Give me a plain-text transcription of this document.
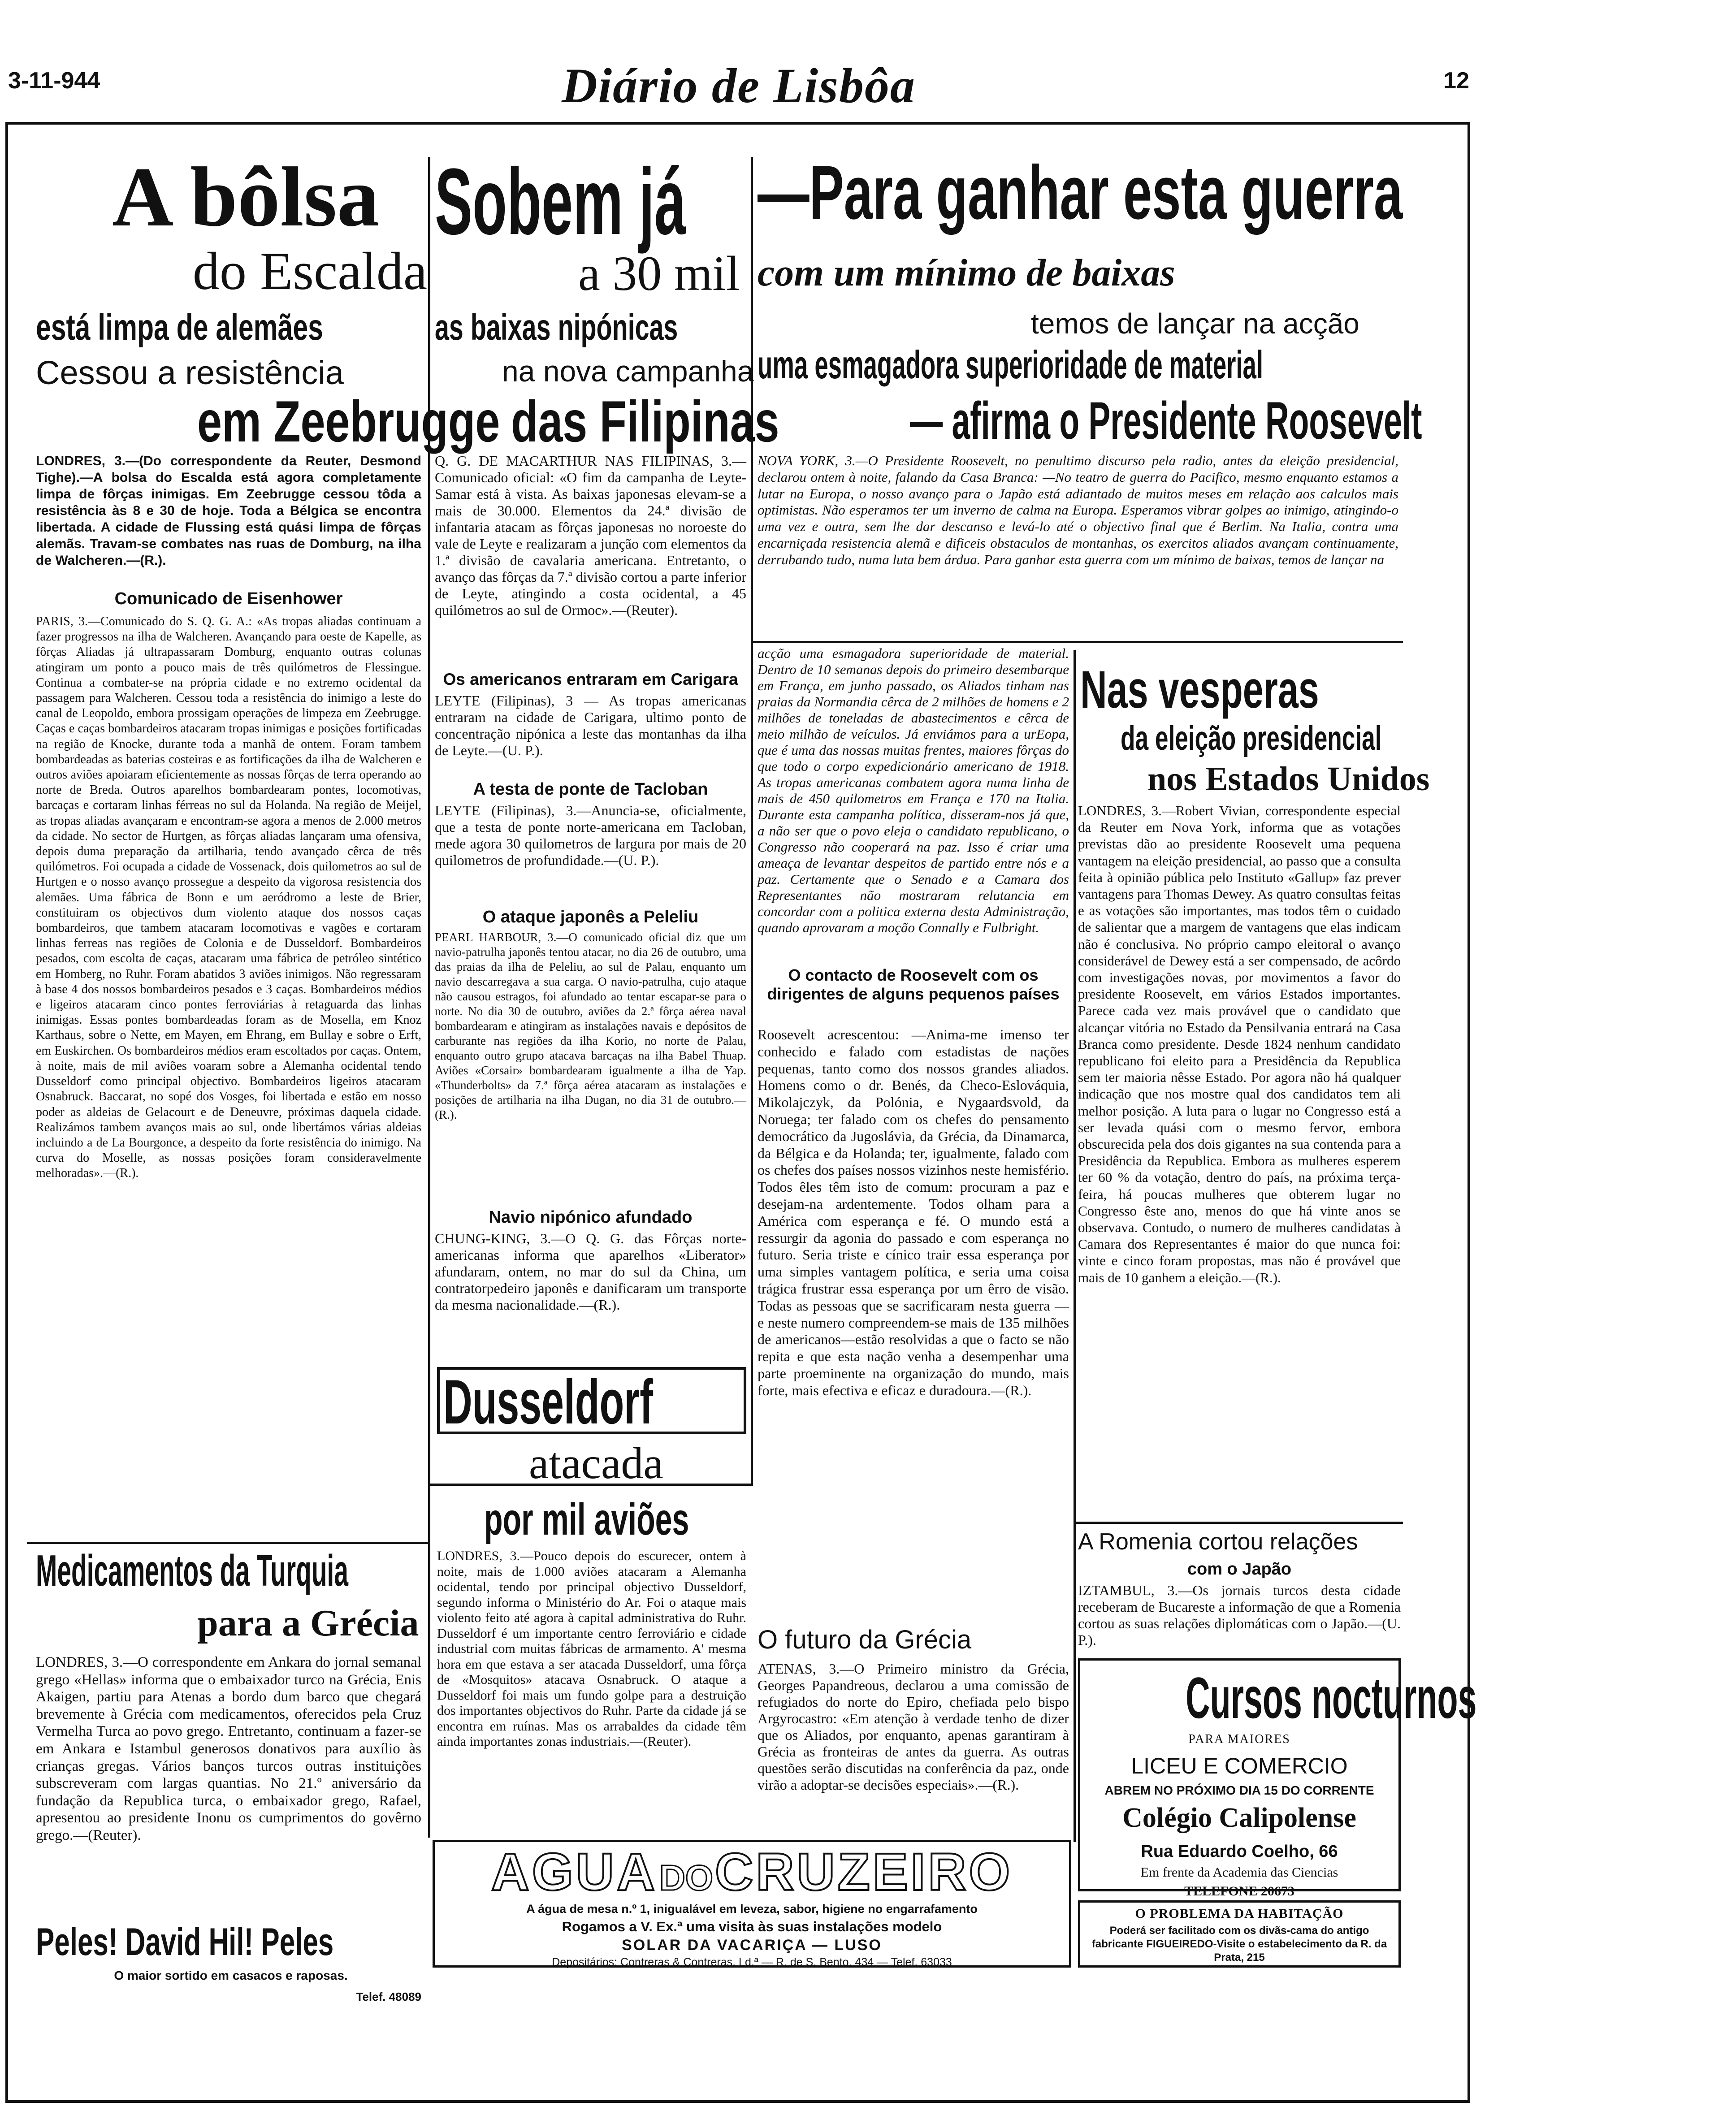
3-11-944	Diário de Lisbôa	12
A bôlsa
do Escalda
está limpa de alemães
Cessou a resistência
em Zeebrugge
LONDRES, 3.—(Do correspondente da Reuter, Desmond Tighe).—A bolsa do Escalda está agora completamente limpa de fôrças inimigas. Em Zeebrugge cessou tôda a resistência às 8 e 30 de hoje. Toda a Bélgica se encontra libertada. A cidade de Flussing está quási limpa de fôrças alemãs. Travam-se combates nas ruas de Domburg, na ilha de Walcheren.—(R.).
Comunicado de Eisenhower
PARIS, 3.—Comunicado do S. Q. G. A.: «As tropas aliadas continuam a fazer progressos na ilha de Walcheren. Avançando para oeste de Kapelle, as fôrças Aliadas já ultrapassaram Domburg, enquanto outras colunas atingiram um ponto a pouco mais de três quilómetros de Flessingue. Continua a combater-se na própria cidade e no extremo ocidental da passagem para Walcheren. Cessou toda a resistência do inimigo a leste do canal de Leopoldo, embora prossigam operações de limpeza em Zeebrugge. Caças e caças bombardeiros atacaram tropas inimigas e posições fortificadas na região de Knocke, durante toda a manhã de ontem. Foram tambem bombardeadas as baterias costeiras e as fortificações da ilha de Walcheren e outros aviões apoiaram eficientemente as nossas fôrças de terra operando ao norte de Breda. Outros aparelhos bombardearam pontes, locomotivas, barcaças e cortaram linhas férreas no sul da Holanda. Na região de Meijel, as tropas aliadas avançaram e encontram-se agora a menos de 2.000 metros da cidade. No sector de Hurtgen, as fôrças aliadas lançaram uma ofensiva, depois duma preparação da artilharia, tendo avançado cêrca de três quilómetros. Foi ocupada a cidade de Vossenack, dois quilometros ao sul de Hurtgen e o nosso avanço prossegue a despeito da vigorosa resistencia dos alemães. Uma fábrica de Bonn e um aeródromo a leste de Brier, constituiram os objectivos dum violento ataque dos nossos caças bombardeiros, que tambem atacaram locomotivas e vagões e cortaram linhas ferreas nas regiões de Colonia e de Dusseldorf. Bombardeiros pesados, com escolta de caças, atacaram uma fábrica de petróleo sintético em Homberg, no Ruhr. Foram abatidos 3 aviões inimigos. Não regressaram à base 4 dos nossos bombardeiros pesados e 3 caças. Bombardeiros médios e ligeiros atacaram cinco pontes ferroviárias à retaguarda das linhas inimigas. Essas pontes bombardeadas foram as de Mosella, em Knoz Karthaus, sobre o Nette, em Mayen, em Ehrang, em Bullay e sobre o Erft, em Euskirchen. Os bombardeiros médios eram escoltados por caças. Ontem, à noite, mais de mil aviões voaram sobre a Alemanha ocidental tendo Dusseldorf como principal objectivo. Bombardeiros ligeiros atacaram Osnabruck. Baccarat, no sopé dos Vosges, foi libertada e estão em nosso poder as aldeias de Gelacourt e de Deneuvre, próximas daquela cidade. Realizámos tambem avanços mais ao sul, onde libertámos várias aldeias incluindo a de La Bourgonce, a despeito da forte resistência do inimigo. Na curva do Moselle, as nossas posições foram consideravelmente melhoradas».—(R.).
Medicamentos da Turquia
para a Grécia
LONDRES, 3.—O correspondente em Ankara do jornal semanal grego «Hellas» informa que o embaixador turco na Grécia, Enis Akaigen, partiu para Atenas a bordo dum barco que chegará brevemente à Grécia com medicamentos, oferecidos pela Cruz Vermelha Turca ao povo grego. Entretanto, continuam a fazer-se em Ankara e Istambul generosos donativos para auxílio às crianças gregas. Vários banços turcos outras instituições subscreveram com largas quantias. No 21.º aniversário da fundação da Republica turca, o embaixador grego, Rafael, apresentou ao presidente Inonu os cumprimentos do govêrno grego.—(Reuter).
Peles! David Hil! Peles
O maior sortido em casacos e raposas.
Telef. 48089
Sobem já
a 30 mil
as baixas nipónicas
na nova campanha
das Filipinas
Q. G. DE MACARTHUR NAS FILIPINAS, 3.—Comunicado oficial: «O fim da campanha de Leyte-Samar está à vista. As baixas japonesas elevam-se a mais de 30.000. Elementos da 24.ª divisão de infantaria atacam as fôrças japonesas no noroeste do vale de Leyte e realizaram a junção com elementos da 1.ª divisão de cavalaria americana. Entretanto, o avanço das fôrças da 7.ª divisão cortou a parte inferior de Leyte, atingindo a costa ocidental, a 45 quilómetros ao sul de Ormoc».—(Reuter).
Os americanos entraram em Carigara
LEYTE (Filipinas), 3 — As tropas americanas entraram na cidade de Carigara, ultimo ponto de concentração nipónica a leste das montanhas da ilha de Leyte.—(U. P.).
A testa de ponte de Tacloban
LEYTE (Filipinas), 3.—Anuncia-se, oficialmente, que a testa de ponte norte-americana em Tacloban, mede agora 30 quilometros de largura por mais de 20 quilometros de profundidade.—(U. P.).
O ataque japonês a Peleliu
PEARL HARBOUR, 3.—O comunicado oficial diz que um navio-patrulha japonês tentou atacar, no dia 26 de outubro, uma das praias da ilha de Peleliu, ao sul de Palau, enquanto um navio descarregava a sua carga. O navio-patrulha, cujo ataque não causou estragos, foi afundado ao tentar escapar-se para o norte. No dia 30 de outubro, aviões da 2.ª fôrça aérea naval bombardearam e atingiram as instalações navais e depósitos de carburante nas regiões da ilha Korio, no norte de Palau, enquanto outro grupo atacava barcaças na ilha Babel Thuap. Aviões «Corsair» bombardearam igualmente a ilha de Yap. «Thunderbolts» da 7.ª fôrça aérea atacaram as instalações e posições de artilharia na ilha Dugan, no dia 31 de outubro.—(R.).
Navio nipónico afundado
CHUNG-KING, 3.—O Q. G. das Fôrças norte-americanas informa que aparelhos «Liberator» afundaram, ontem, no mar do sul da China, um contratorpedeiro japonês e danificaram um transporte da mesma nacionalidade.—(R.).
Dusseldorf
atacada
por mil aviões
LONDRES, 3.—Pouco depois do escurecer, ontem à noite, mais de 1.000 aviões atacaram a Alemanha ocidental, tendo por principal objectivo Dusseldorf, segundo informa o Ministério do Ar. Foi o ataque mais violento feito até agora à capital administrativa do Ruhr. Dusseldorf é um importante centro ferroviário e cidade industrial com muitas fábricas de armamento. A' mesma hora em que estava a ser atacada Dusseldorf, uma fôrça de «Mosquitos» atacava Osnabruck. O ataque a Dusseldorf foi mais um fundo golpe para a destruição dos importantes objectivos do Ruhr. Parte da cidade já se encontra em ruínas. Mas os arrabaldes da cidade têm ainda importantes zonas industriais.—(Reuter).
—Para ganhar esta guerra
com um mínimo de baixas
temos de lançar na acção
uma esmagadora superioridade de material
— afirma o Presidente Roosevelt
NOVA YORK, 3.—O Presidente Roosevelt, no penultimo discurso pela radio, antes da eleição presidencial, declarou ontem à noite, falando da Casa Branca: —No teatro de guerra do Pacifico, mesmo enquanto estamos a lutar na Europa, o nosso avanço para o Japão está adiantado de muitos meses em relação aos calculos mais optimistas. Não esperamos ter um inverno de calma na Europa. Esperamos vibrar golpes ao inimigo, atingindo-o uma vez e outra, sem lhe dar descanso e levá-lo até o objectivo final que é Berlim. Na Italia, contra uma encarniçada resistencia alemã e dificeis obstaculos de montanhas, os exercitos aliados avançam continuamente, derrubando tudo, numa luta bem árdua. Para ganhar esta guerra com um mínimo de baixas, temos de lançar na
acção uma esmagadora superioridade de material. Dentro de 10 semanas depois do primeiro desembarque em França, em junho passado, os Aliados tinham nas praias da Normandia cêrca de 2 milhões de homens e 2 milhões de toneladas de abastecimentos e cêrca de meio milhão de veículos. Já enviámos para a urEopa, que é uma das nossas muitas frentes, maiores fôrças do que todo o corpo expedicionário americano de 1918. As tropas americanas combatem agora numa linha de mais de 450 quilometros em França e 170 na Italia. Durante esta campanha política, disseram-nos já que, a não ser que o povo eleja o candidato republicano, o Congresso não cooperará na paz. Isso é criar uma ameaça de levantar despeitos de partido entre nós e a paz. Certamente que o Senado e a Camara dos Representantes não mostraram relutancia em concordar com a politica externa desta Administração, quando aprovaram a moção Connally e Fulbright.
O contacto de Roosevelt com os dirigentes de alguns pequenos países
Roosevelt acrescentou: —Anima-me imenso ter conhecido e falado com estadistas de nações pequenas, tanto como dos nossos grandes aliados. Homens como o dr. Benés, da Checo-Eslováquia, Mikolajczyk, da Polónia, e Nygaardsvold, da Noruega; ter falado com os chefes do pensamento democrático da Jugoslávia, da Grécia, da Dinamarca, da Bélgica e da Holanda; ter, igualmente, falado com os chefes dos países nossos vizinhos neste hemisfério. Todos êles têm isto de comum: procuram a paz e desejam-na ardentemente. Todos olham para a América com esperança e fé. O mundo está a ressurgir da agonia do passado e com esperança no futuro. Seria triste e cínico trair essa esperança por uma simples vantagem política, e seria uma coisa trágica frustrar essa esperança por um êrro de visão. Todas as pessoas que se sacrificaram nesta guerra — e neste numero compreendem-se mais de 135 milhões de americanos—estão resolvidas a que o facto se não repita e que esta nação venha a desempenhar uma parte proeminente na organização do mundo, mais forte, mais efectiva e eficaz e duradoura.—(R.).
O futuro da Grécia
ATENAS, 3.—O Primeiro ministro da Grécia, Georges Papandreous, declarou a uma comissão de refugiados do norte do Epiro, chefiada pelo bispo Argyrocastro: «Em atenção à verdade tenho de dizer que os Aliados, por enquanto, apenas garantiram à Grécia as fronteiras de antes da guerra. As outras questões serão discutidas na conferência da paz, onde virão a adoptar-se decisões especiais».—(R.).
Nas vesperas
da eleição presidencial
nos Estados Unidos
LONDRES, 3.—Robert Vivian, correspondente especial da Reuter em Nova York, informa que as votações previstas dão ao presidente Roosevelt uma pequena vantagem na eleição presidencial, ao passo que a consulta feita à opinião pública pelo Instituto «Gallup» faz prever vantagens para Thomas Dewey. As quatro consultas feitas e as votações são importantes, mas todos têm o cuidado de salientar que a margem de vantagens que elas indicam não é conclusiva. No próprio campo eleitoral o avanço considerável de Dewey está a ser compensado, de acôrdo com investigações novas, por movimentos a favor do presidente Roosevelt, em vários Estados importantes. Parece cada vez mais provável que o candidato que alcançar vitória no Estado da Pensilvania entrará na Casa Branca como presidente. Desde 1824 nenhum candidato republicano foi eleito para a Presidência da Republica sem ter maioria nêsse Estado. Por agora não há qualquer indicação que nos mostre qual dos candidatos tem ali melhor posição. A luta para o lugar no Congresso está a ser levada quási com o mesmo fervor, embora obscurecida pela dos dois gigantes na sua contenda para a Presidência da Republica. Embora as mulheres esperem ter 60 % da votação, dentro do país, na próxima terça-feira, há poucas mulheres que obterem lugar no Congresso êste ano, menos do que há vinte anos se observava. Contudo, o numero de mulheres candidatas à Camara dos Representantes é maior do que nunca foi: vinte e cinco foram propostas, mas não é provável que mais de 10 ganhem a eleição.—(R.).
A Romenia cortou relações
com o Japão
IZTAMBUL, 3.—Os jornais turcos desta cidade receberam de Bucareste a informação de que a Romenia cortou as suas relações diplomáticas com o Japão.—(U. P.).
Cursos nocturnos
PARA MAIORES
LICEU E COMERCIO
ABREM NO PRÓXIMO DIA 15 DO CORRENTE
Colégio Calipolense
Rua Eduardo Coelho, 66
Em frente da Academia das Ciencias
TELEFONE 20673
O PROBLEMA DA HABITAÇÃO
Poderá ser facilitado com os divãs-cama do antigo fabricante FIGUEIREDO-Visite o estabelecimento da R. da Prata, 215
AGUA DO CRUZEIRO
A água de mesa n.º 1, inigualável em leveza, sabor, higiene no engarrafamento
Rogamos a V. Ex.ª uma visita às suas instalações modelo
SOLAR DA VACARIÇA — LUSO
Depositários: Contreras & Contreras, Ld.ª — R. de S. Bento, 434 — Telef. 63033
